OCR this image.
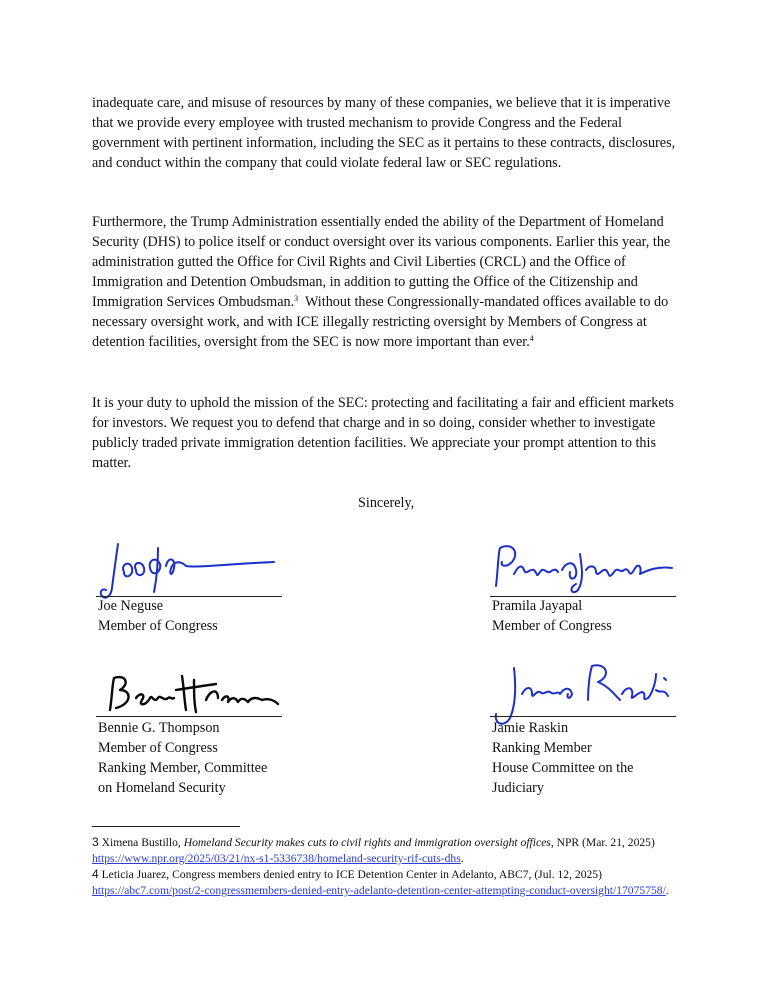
inadequate care, and misuse of resources by many of these companies, we believe that it is imperative that we provide every employee with trusted mechanism to provide Congress and the Federal government with pertinent information, including the SEC as it pertains to these contracts, disclosures, and conduct within the company that could violate federal law or SEC regulations.

Furthermore, the Trump Administration essentially ended the ability of the Department of Homeland Security (DHS) to police itself or conduct oversight over its various components. Earlier this year, the administration gutted the Office for Civil Rights and Civil Liberties (CRCL) and the Office of Immigration and Detention Ombudsman, in addition to gutting the Office of the Citizenship and Immigration Services Ombudsman.$^3$ Without these Congressionally-mandated offices available to do necessary oversight work, and with ICE illegally restricting oversight by Members of Congress at detention facilities, oversight from the SEC is now more important than ever.$^4$

It is your duty to uphold the mission of the SEC: protecting and facilitating a fair and efficient markets for investors. We request you to defend that charge and in so doing, consider whether to investigate publicly traded private immigration detention facilities. We appreciate your prompt attention to this matter.

Sincerely,
Joe Neguse
Member of Congress
Pramila Jayapal
Member of Congress
Bennie G. Thompson
Member of Congress
Ranking Member, Committee
on Homeland Security
Jamie Raskin
Ranking Member
House Committee on the
Judiciary

3 Ximena Bustillo, Homeland Security makes cuts to civil rights and immigration oversight offices, NPR (Mar. 21, 2025) https://www.npr.org/2025/03/21/nx-s1-5336738/homeland-security-rif-cuts-dhs.

4 Leticia Juarez, Congress members denied entry to ICE Detention Center in Adelanto, ABC7, (Jul. 12, 2025)
https://abc7.com/post/2-congressmembers-denied-entry-adelanto-detention-center-attempting-conduct-oversight/17075758/.
